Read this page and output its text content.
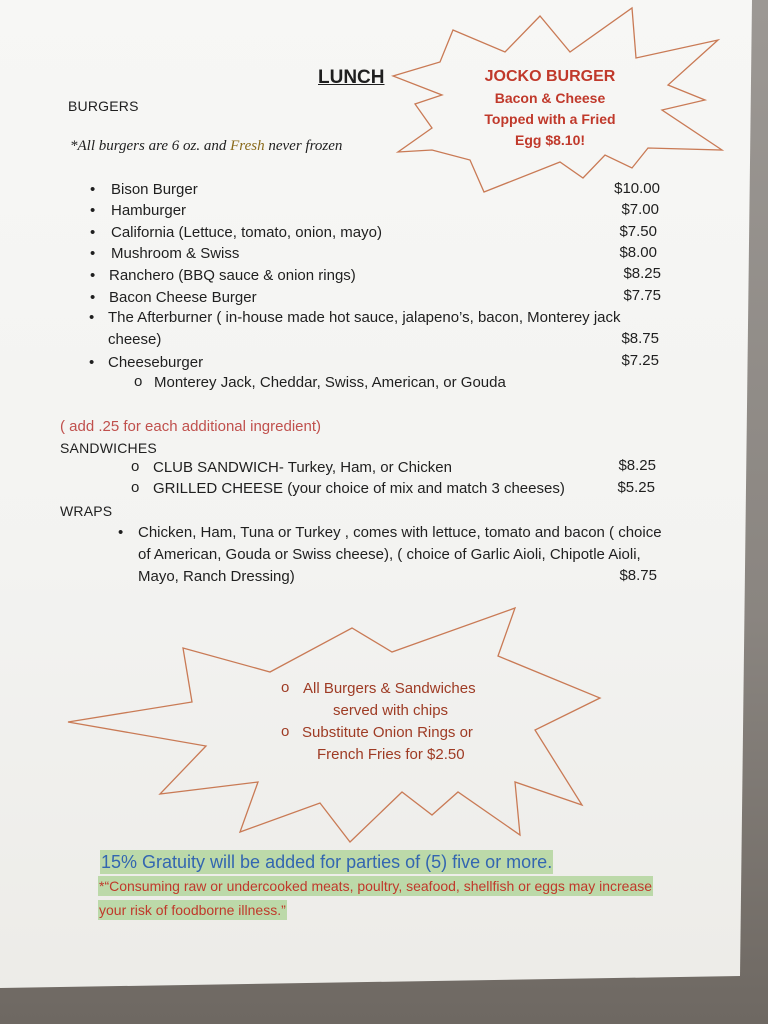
LUNCH	JOCKO BURGER
Bacon & Cheese
Topped with a Fried
Egg $8.10!
BURGERS
*All burgers are 6 oz. and Fresh never frozen
• Bison Burger	$10.00
• Hamburger	$7.00
• California (Lettuce, tomato, onion, mayo)	$7.50
• Mushroom & Swiss	$8.00
• Ranchero (BBQ sauce & onion rings)	$8.25
• Bacon Cheese Burger	$7.75
• The Afterburner ( in-house made hot sauce, jalapeno’s, bacon, Monterey jack
cheese)	$8.75
• Cheeseburger	$7.25
o Monterey Jack, Cheddar, Swiss, American, or Gouda
( add .25 for each additional ingredient)
SANDWICHES
o CLUB SANDWICH- Turkey, Ham, or Chicken	$8.25
o GRILLED CHEESE (your choice of mix and match 3 cheeses)	$5.25
WRAPS
• Chicken, Ham, Tuna or Turkey , comes with lettuce, tomato and bacon ( choice
of American, Gouda or Swiss cheese), ( choice of Garlic Aioli, Chipotle Aioli,
Mayo, Ranch Dressing)	$8.75
o All Burgers & Sandwiches
served with chips
o Substitute Onion Rings or
French Fries for $2.50
15% Gratuity will be added for parties of (5) five or more.
*“Consuming raw or undercooked meats, poultry, seafood, shellfish or eggs may increase
your risk of foodborne illness.”
